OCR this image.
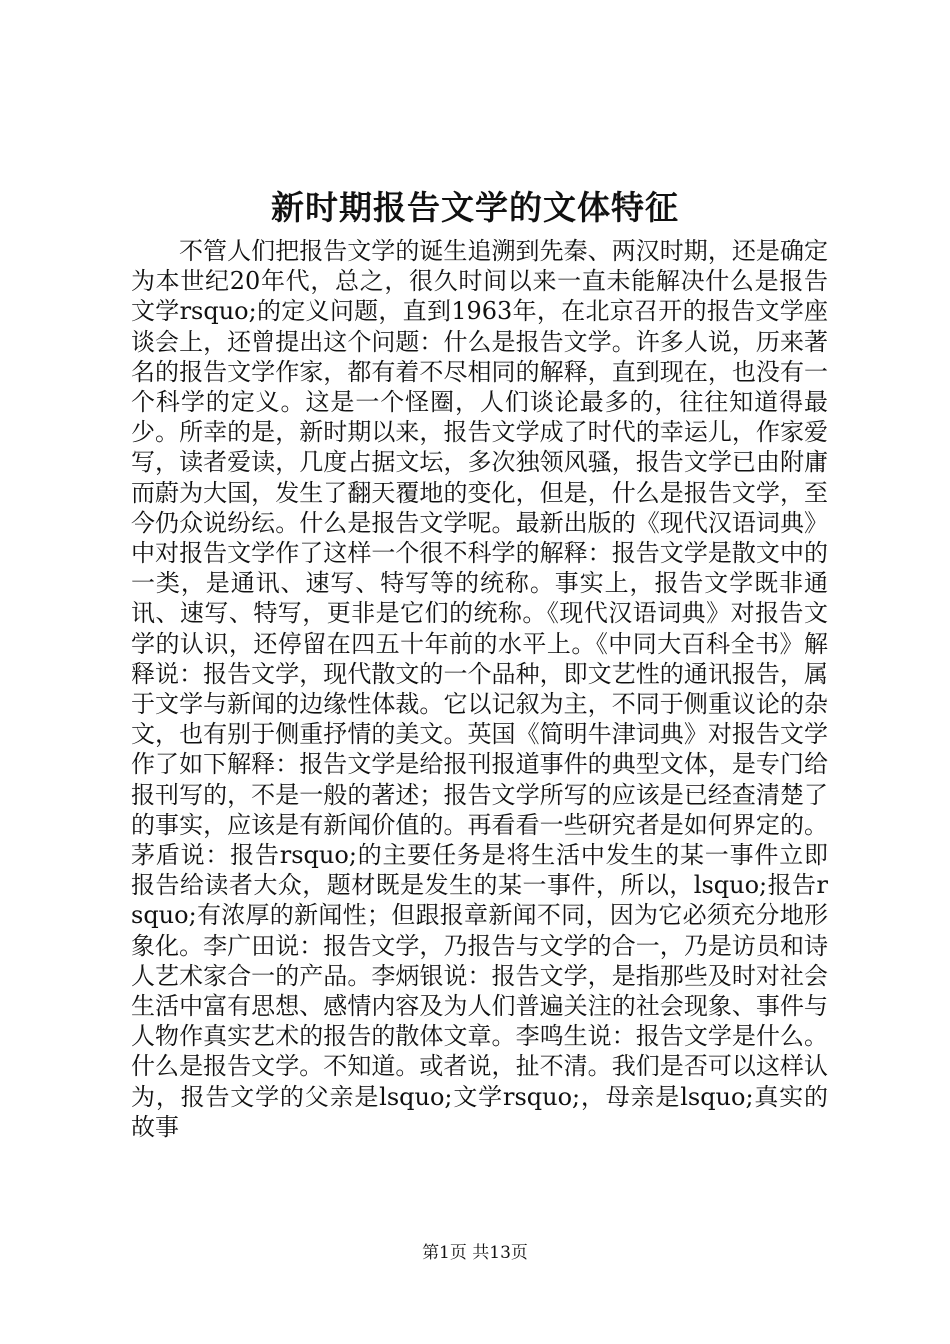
新时期报告文学的文体特征

不管人们把报告文学的诞生追溯到先秦、两汉时期，还是确定为本世纪20年代，总之，很久时间以来一直未能解决什么是报告文学rsquo;的定义问题，直到1963年，在北京召开的报告文学座谈会上，还曾提出这个问题：什么是报告文学。许多人说，历来著名的报告文学作家，都有着不尽相同的解释，直到现在，也没有一个科学的定义。这是一个怪圈，人们谈论最多的，往往知道得最少。所幸的是，新时期以来，报告文学成了时代的幸运儿，作家爱写，读者爱读，几度占据文坛，多次独领风骚，报告文学已由附庸而蔚为大国，发生了翻天覆地的变化，但是，什么是报告文学，至今仍众说纷纭。什么是报告文学呢。最新出版的《现代汉语词典》中对报告文学作了这样一个很不科学的解释：报告文学是散文中的一类，是通讯、速写、特写等的统称。事实上，报告文学既非通讯、速写、特写，更非是它们的统称。《现代汉语词典》对报告文学的认识，还停留在四五十年前的水平上。《中同大百科全书》解释说：报告文学，现代散文的一个品种，即文艺性的通讯报告，属于文学与新闻的边缘性体裁。它以记叙为主，不同于侧重议论的杂文，也有别于侧重抒情的美文。英国《简明牛津词典》对报告文学作了如下解释：报告文学是给报刊报道事件的典型文体，是专门给报刊写的，不是一般的著述；报告文学所写的应该是已经查清楚了的事实，应该是有新闻价值的。再看看一些研究者是如何界定的。茅盾说：报告rsquo;的主要任务是将生活中发生的某一事件立即报告给读者大众，题材既是发生的某一事件，所以，lsquo;报告rsquo;有浓厚的新闻性；但跟报章新闻不同，因为它必须充分地形象化。李广田说：报告文学，乃报告与文学的合一，乃是访员和诗人艺术家合一的产品。李炳银说：报告文学，是指那些及时对社会生活中富有思想、感情内容及为人们普遍关注的社会现象、事件与人物作真实艺术的报告的散体文章。李鸣生说：报告文学是什么。什么是报告文学。不知道。或者说，扯不清。我们是否可以这样认为，报告文学的父亲是lsquo;文学rsquo;，母亲是lsquo;真实的故事

第1页 共13页
